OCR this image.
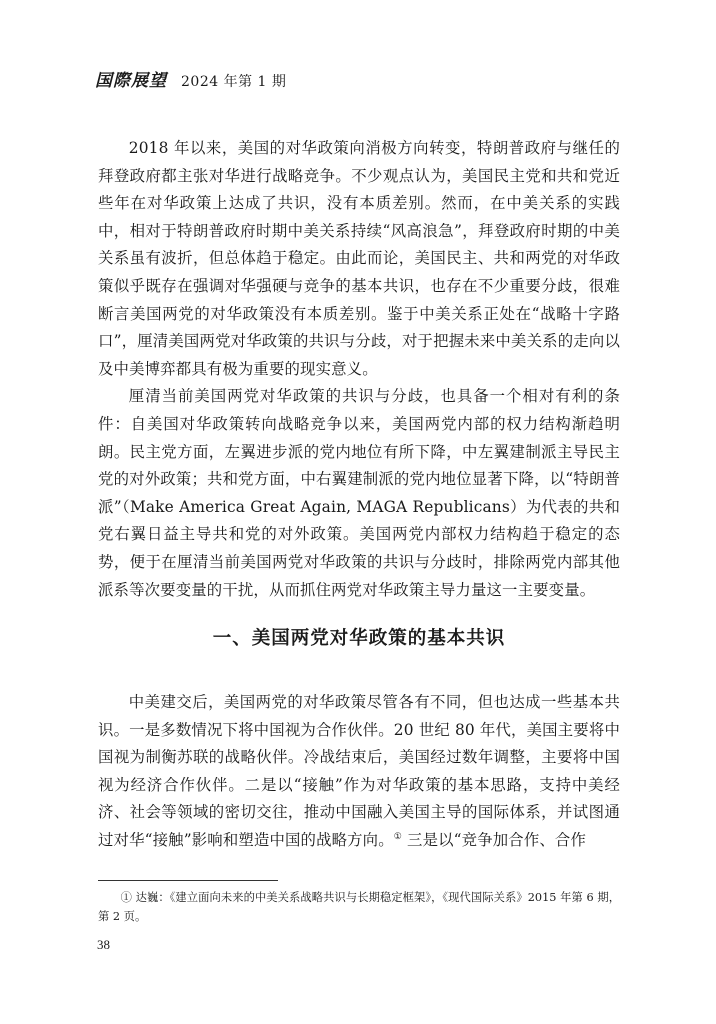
国際展望 2024 年第 1 期

2018 年以来，美国的对华政策向消极方向转变，特朗普政府与继任的拜登政府都主张对华进行战略竞争。不少观点认为，美国民主党和共和党近些年在对华政策上达成了共识，没有本质差别。然而，在中美关系的实践中，相对于特朗普政府时期中美关系持续“风高浪急”，拜登政府时期的中美关系虽有波折，但总体趋于稳定。由此而论，美国民主、共和两党的对华政策似乎既存在强调对华强硬与竞争的基本共识，也存在不少重要分歧，很难断言美国两党的对华政策没有本质差别。鉴于中美关系正处在“战略十字路口”，厘清美国两党对华政策的共识与分歧，对于把握未来中美关系的走向以及中美博弈都具有极为重要的现实意义。

厘清当前美国两党对华政策的共识与分歧，也具备一个相对有利的条件：自美国对华政策转向战略竞争以来，美国两党内部的权力结构渐趋明朗。民主党方面，左翼进步派的党内地位有所下降，中左翼建制派主导民主党的对外政策；共和党方面，中右翼建制派的党内地位显著下降，以“特朗普派”（Make America Great Again, MAGA Republicans）为代表的共和党右翼日益主导共和党的对外政策。美国两党内部权力结构趋于稳定的态势，便于在厘清当前美国两党对华政策的共识与分歧时，排除两党内部其他派系等次要变量的干扰，从而抓住两党对华政策主导力量这一主要变量。

一、美国两党对华政策的基本共识

中美建交后，美国两党的对华政策尽管各有不同，但也达成一些基本共识。一是多数情况下将中国视为合作伙伴。20 世纪 80 年代，美国主要将中国视为制衡苏联的战略伙伴。冷战结束后，美国经过数年调整，主要将中国视为经济合作伙伴。二是以“接触”作为对华政策的基本思路，支持中美经济、社会等领域的密切交往，推动中国融入美国主导的国际体系，并试图通过对华“接触”影响和塑造中国的战略方向。① 三是以“竞争加合作、合作

① 达巍：《建立面向未来的中美关系战略共识与长期稳定框架》，《现代国际关系》2015 年第 6 期，第 2 页。
38
